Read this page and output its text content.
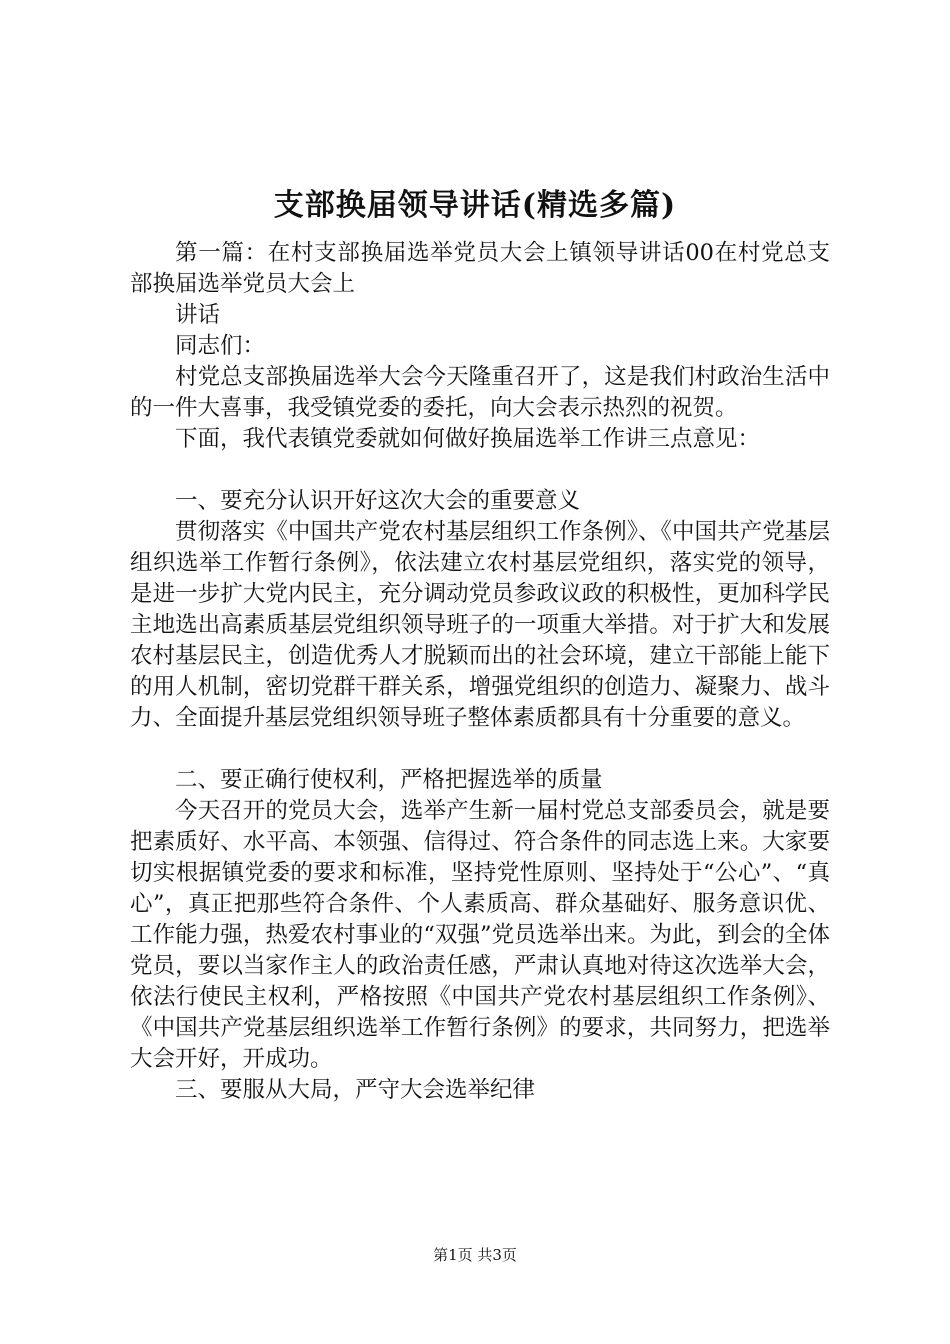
支部换届领导讲话(精选多篇)

第一篇：在村支部换届选举党员大会上镇领导讲话00在村党总支部换届选举党员大会上

讲话

同志们：

村党总支部换届选举大会今天隆重召开了，这是我们村政治生活中的一件大喜事，我受镇党委的委托，向大会表示热烈的祝贺。

下面，我代表镇党委就如何做好换届选举工作讲三点意见：

一、要充分认识开好这次大会的重要意义

贯彻落实《中国共产党农村基层组织工作条例》、《中国共产党基层组织选举工作暂行条例》，依法建立农村基层党组织，落实党的领导，是进一步扩大党内民主，充分调动党员参政议政的积极性，更加科学民主地选出高素质基层党组织领导班子的一项重大举措。对于扩大和发展农村基层民主，创造优秀人才脱颖而出的社会环境，建立干部能上能下的用人机制，密切党群干群关系，增强党组织的创造力、凝聚力、战斗力、全面提升基层党组织领导班子整体素质都具有十分重要的意义。

二、要正确行使权利，严格把握选举的质量

今天召开的党员大会，选举产生新一届村党总支部委员会，就是要把素质好、水平高、本领强、信得过、符合条件的同志选上来。大家要切实根据镇党委的要求和标准，坚持党性原则、坚持处于“公心”、“真心”，真正把那些符合条件、个人素质高、群众基础好、服务意识优、工作能力强，热爱农村事业的“双强”党员选举出来。为此，到会的全体党员，要以当家作主人的政治责任感，严肃认真地对待这次选举大会，依法行使民主权利，严格按照《中国共产党农村基层组织工作条例》、《中国共产党基层组织选举工作暂行条例》的要求，共同努力，把选举大会开好，开成功。

三、要服从大局，严守大会选举纪律

第1页 共3页
